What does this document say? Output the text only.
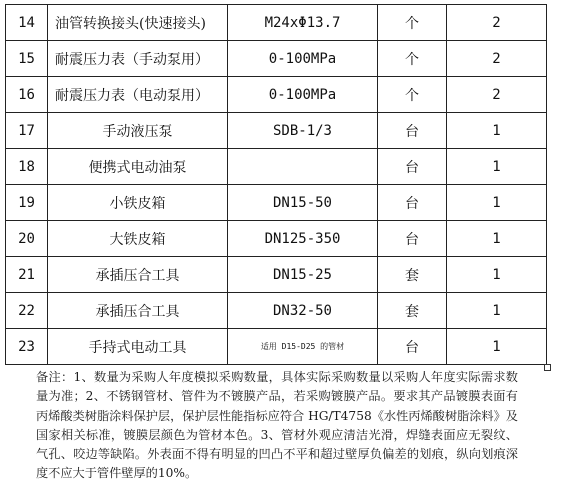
14	油管转换接头(快速接头)	M24xΦ13.7	个	2
15	耐震压力表（手动泵用）	0-100MPa	个	2
16	耐震压力表（电动泵用）	0-100MPa	个	2
17	手动液压泵	SDB-1/3	台	1
18	便携式电动油泵		台	1
19	小铁皮箱	DN15-50	台	1
20	大铁皮箱	DN125-350	台	1
21	承插压合工具	DN15-25	套	1
22	承插压合工具	DN32-50	套	1
23	手持式电动工具	适用 D15-D25 的管材	台	1
备注：1、数量为采购人年度模拟采购数量，具体实际采购数量以采购人年度实际需求数量为准；2、不锈钢管材、管件为不镀膜产品，若采购镀膜产品。要求其产品镀膜表面有丙烯酸类树脂涂料保护层，保护层性能指标应符合 HG/T4758《水性丙烯酸树脂涂料》及国家相关标准，镀膜层颜色为管材本色。3、管材外观应清洁光滑，焊缝表面应无裂纹、气孔、咬边等缺陷。外表面不得有明显的凹凸不平和超过壁厚负偏差的划痕，纵向划痕深度不应大于管件壁厚的10%。
